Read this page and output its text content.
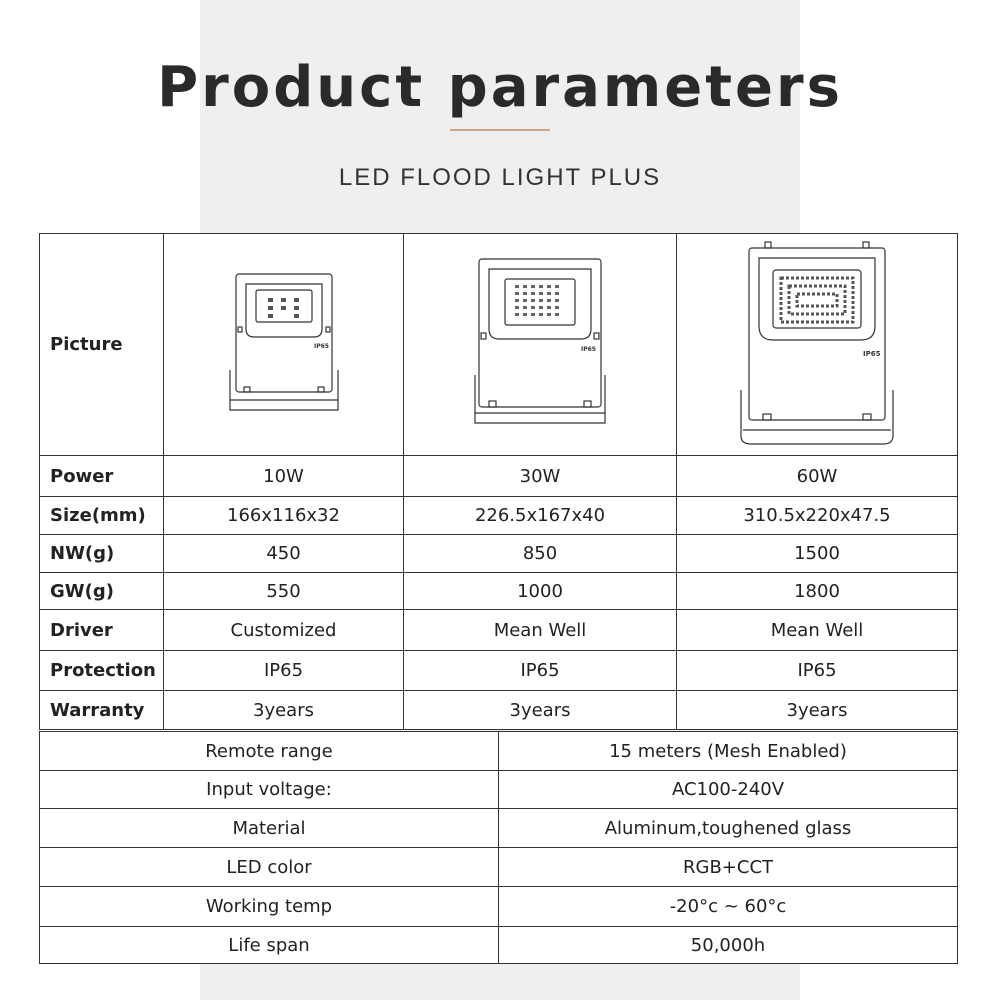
Product parameters
LED FLOOD LIGHT PLUS
Picture	IP65	IP65	IP65

Power	10W	30W	60W
Size(mm)	166x116x32	226.5x167x40	310.5x220x47.5
NW(g)	450	850	1500
GW(g)	550	1000	1800
Driver	Customized	Mean Well	Mean Well
Protection	IP65	IP65	IP65
Warranty	3years	3years	3years
Remote range	15 meters (Mesh Enabled)
Input voltage:	AC100-240V
Material	Aluminum,toughened glass
LED color	RGB+CCT
Working temp	-20°c ~ 60°c
Life span	50,000h
